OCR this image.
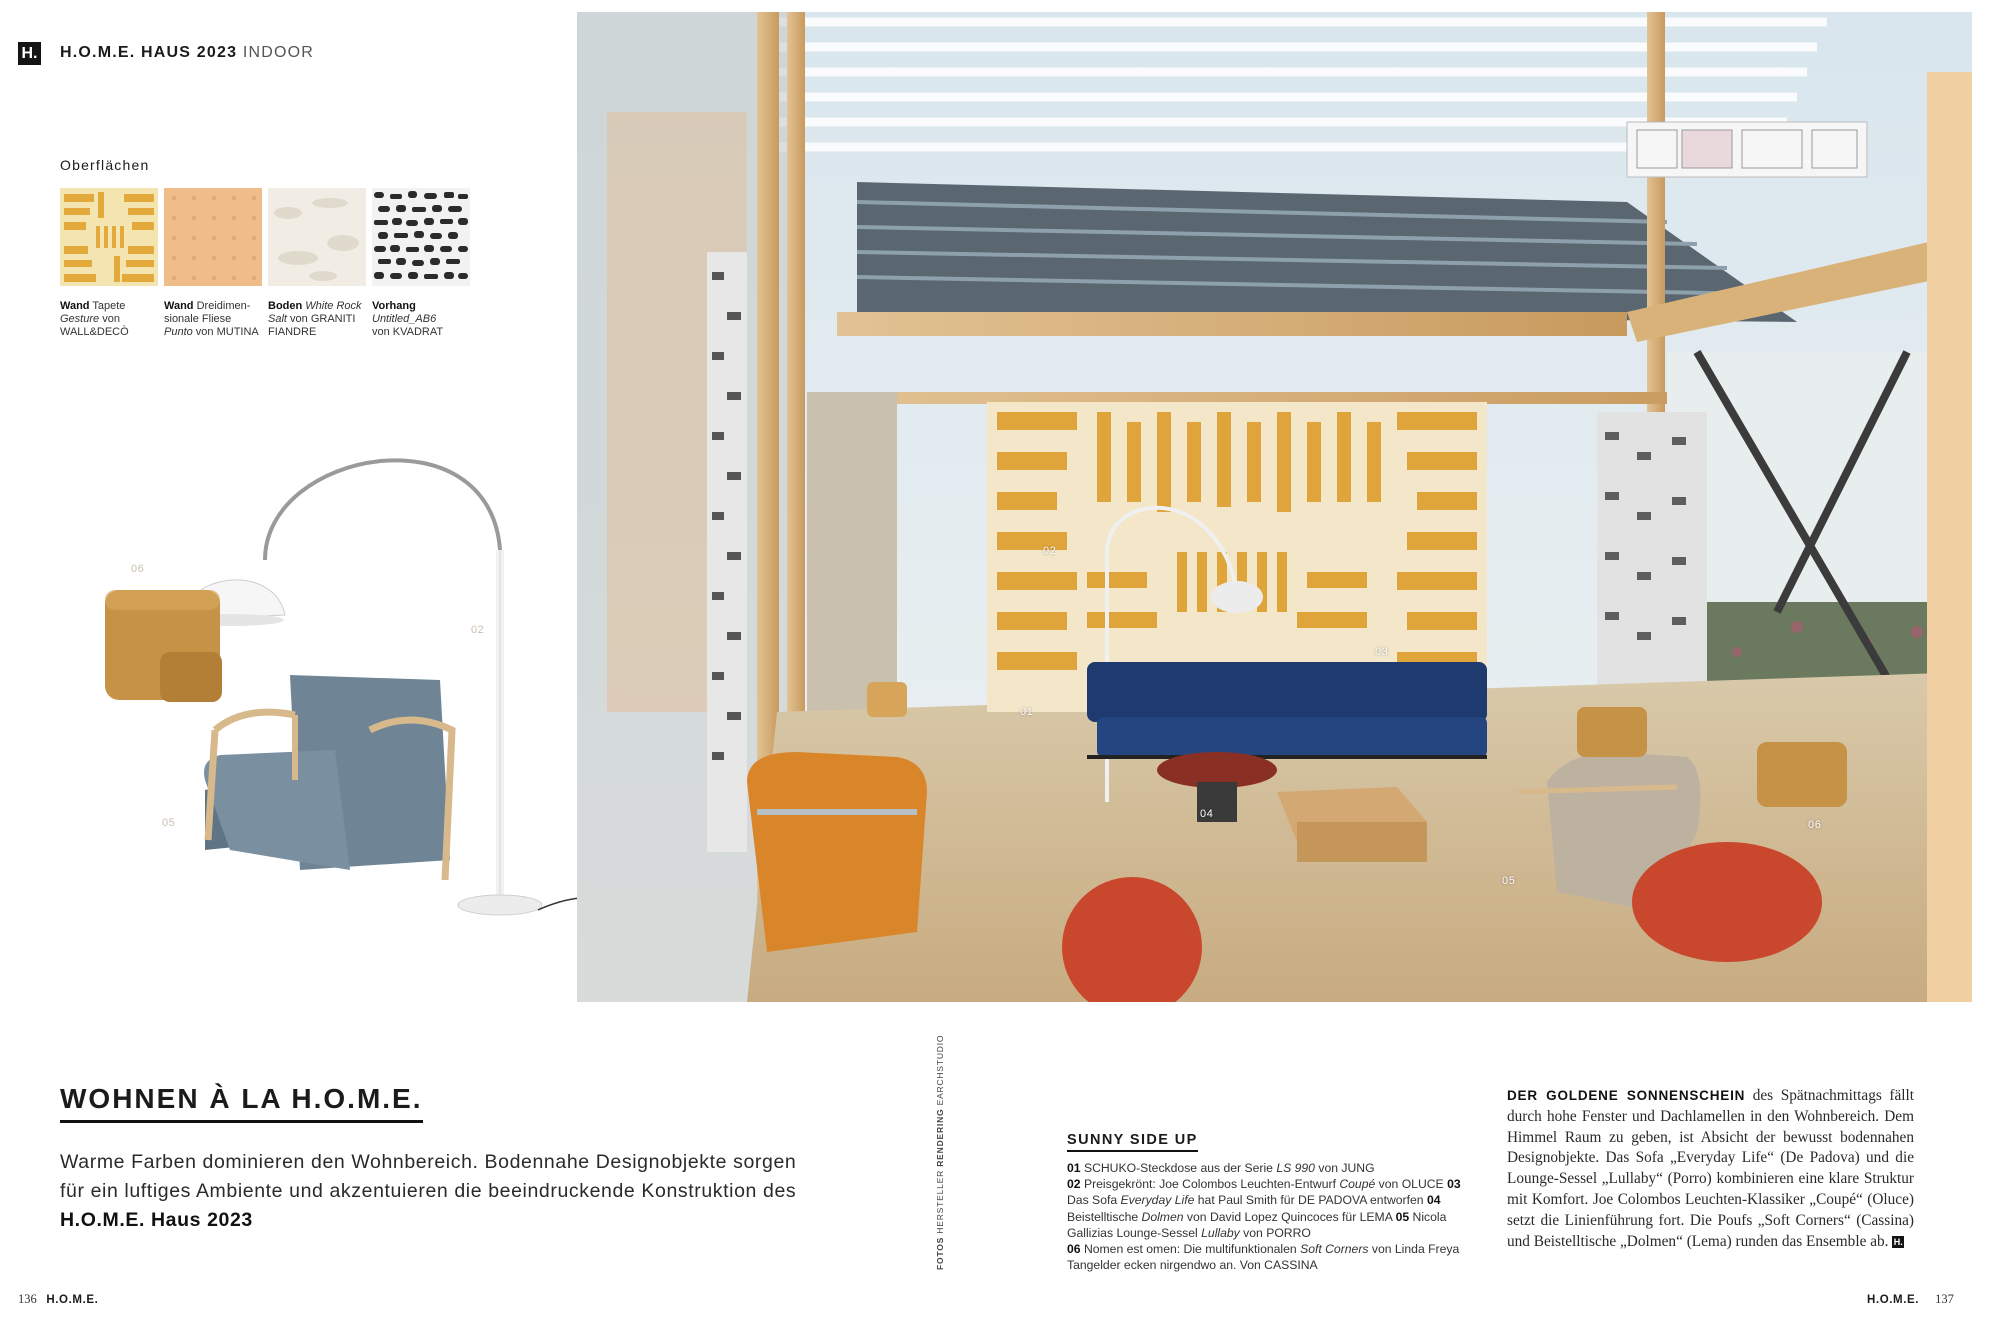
H. H.O.M.E. HAUS 2023 INDOOR
Oberflächen
Wand Tapete
Gesture von
WALL&DECÒ
Wand Dreidimen-
sionale Fliese
Punto von MUTINA
Boden White Rock
Salt von GRANITI
FIANDRE
Vorhang
Untitled_AB6
von KVADRAT
06
02
05
02
01
03
04
05
06
WOHNEN À LA H.O.M.E.
Warme Farben dominieren den Wohnbereich. Bodennahe Designobjekte sorgen für ein luftiges Ambiente und akzentuieren die beeindruckende Konstruktion des H.O.M.E. Haus 2023
FOTOS HERSTELLER RENDERING EARCHSTUDIO
SUNNY SIDE UP
01 SCHUKO-Steckdose aus der Serie LS 990 von JUNG
02 Preisgekrönt: Joe Colombos Leuchten-Entwurf Coupé von OLUCE 03 Das Sofa Everyday Life hat Paul Smith für DE PADOVA entworfen 04 Beistelltische Dolmen von David Lopez Quincoces für LEMA 05 Nicola Gallizias Lounge-Sessel Lullaby von PORRO
06 Nomen est omen: Die multifunktionalen Soft Corners von Linda Freya Tangelder ecken nirgendwo an. Von CASSINA
DER GOLDENE SONNENSCHEIN des Spätnachmittags fällt durch hohe Fenster und Dachlamellen in den Wohnbereich. Dem Himmel Raum zu geben, ist Absicht der bewusst bodennahen Designobjekte. Das Sofa „Everyday Life“ (De Padova) und die Lounge-Sessel „Lullaby“ (Porro) kombinieren eine klare Struktur mit Komfort. Joe Colombos Leuchten-Klassiker „Coupé“ (Oluce) setzt die Linienführung fort. Die Poufs „Soft Corners“ (Cassina) und Beistelltische „Dolmen“ (Lema) runden das Ensemble ab. H.
136 H.O.M.E.	H.O.M.E. 137
